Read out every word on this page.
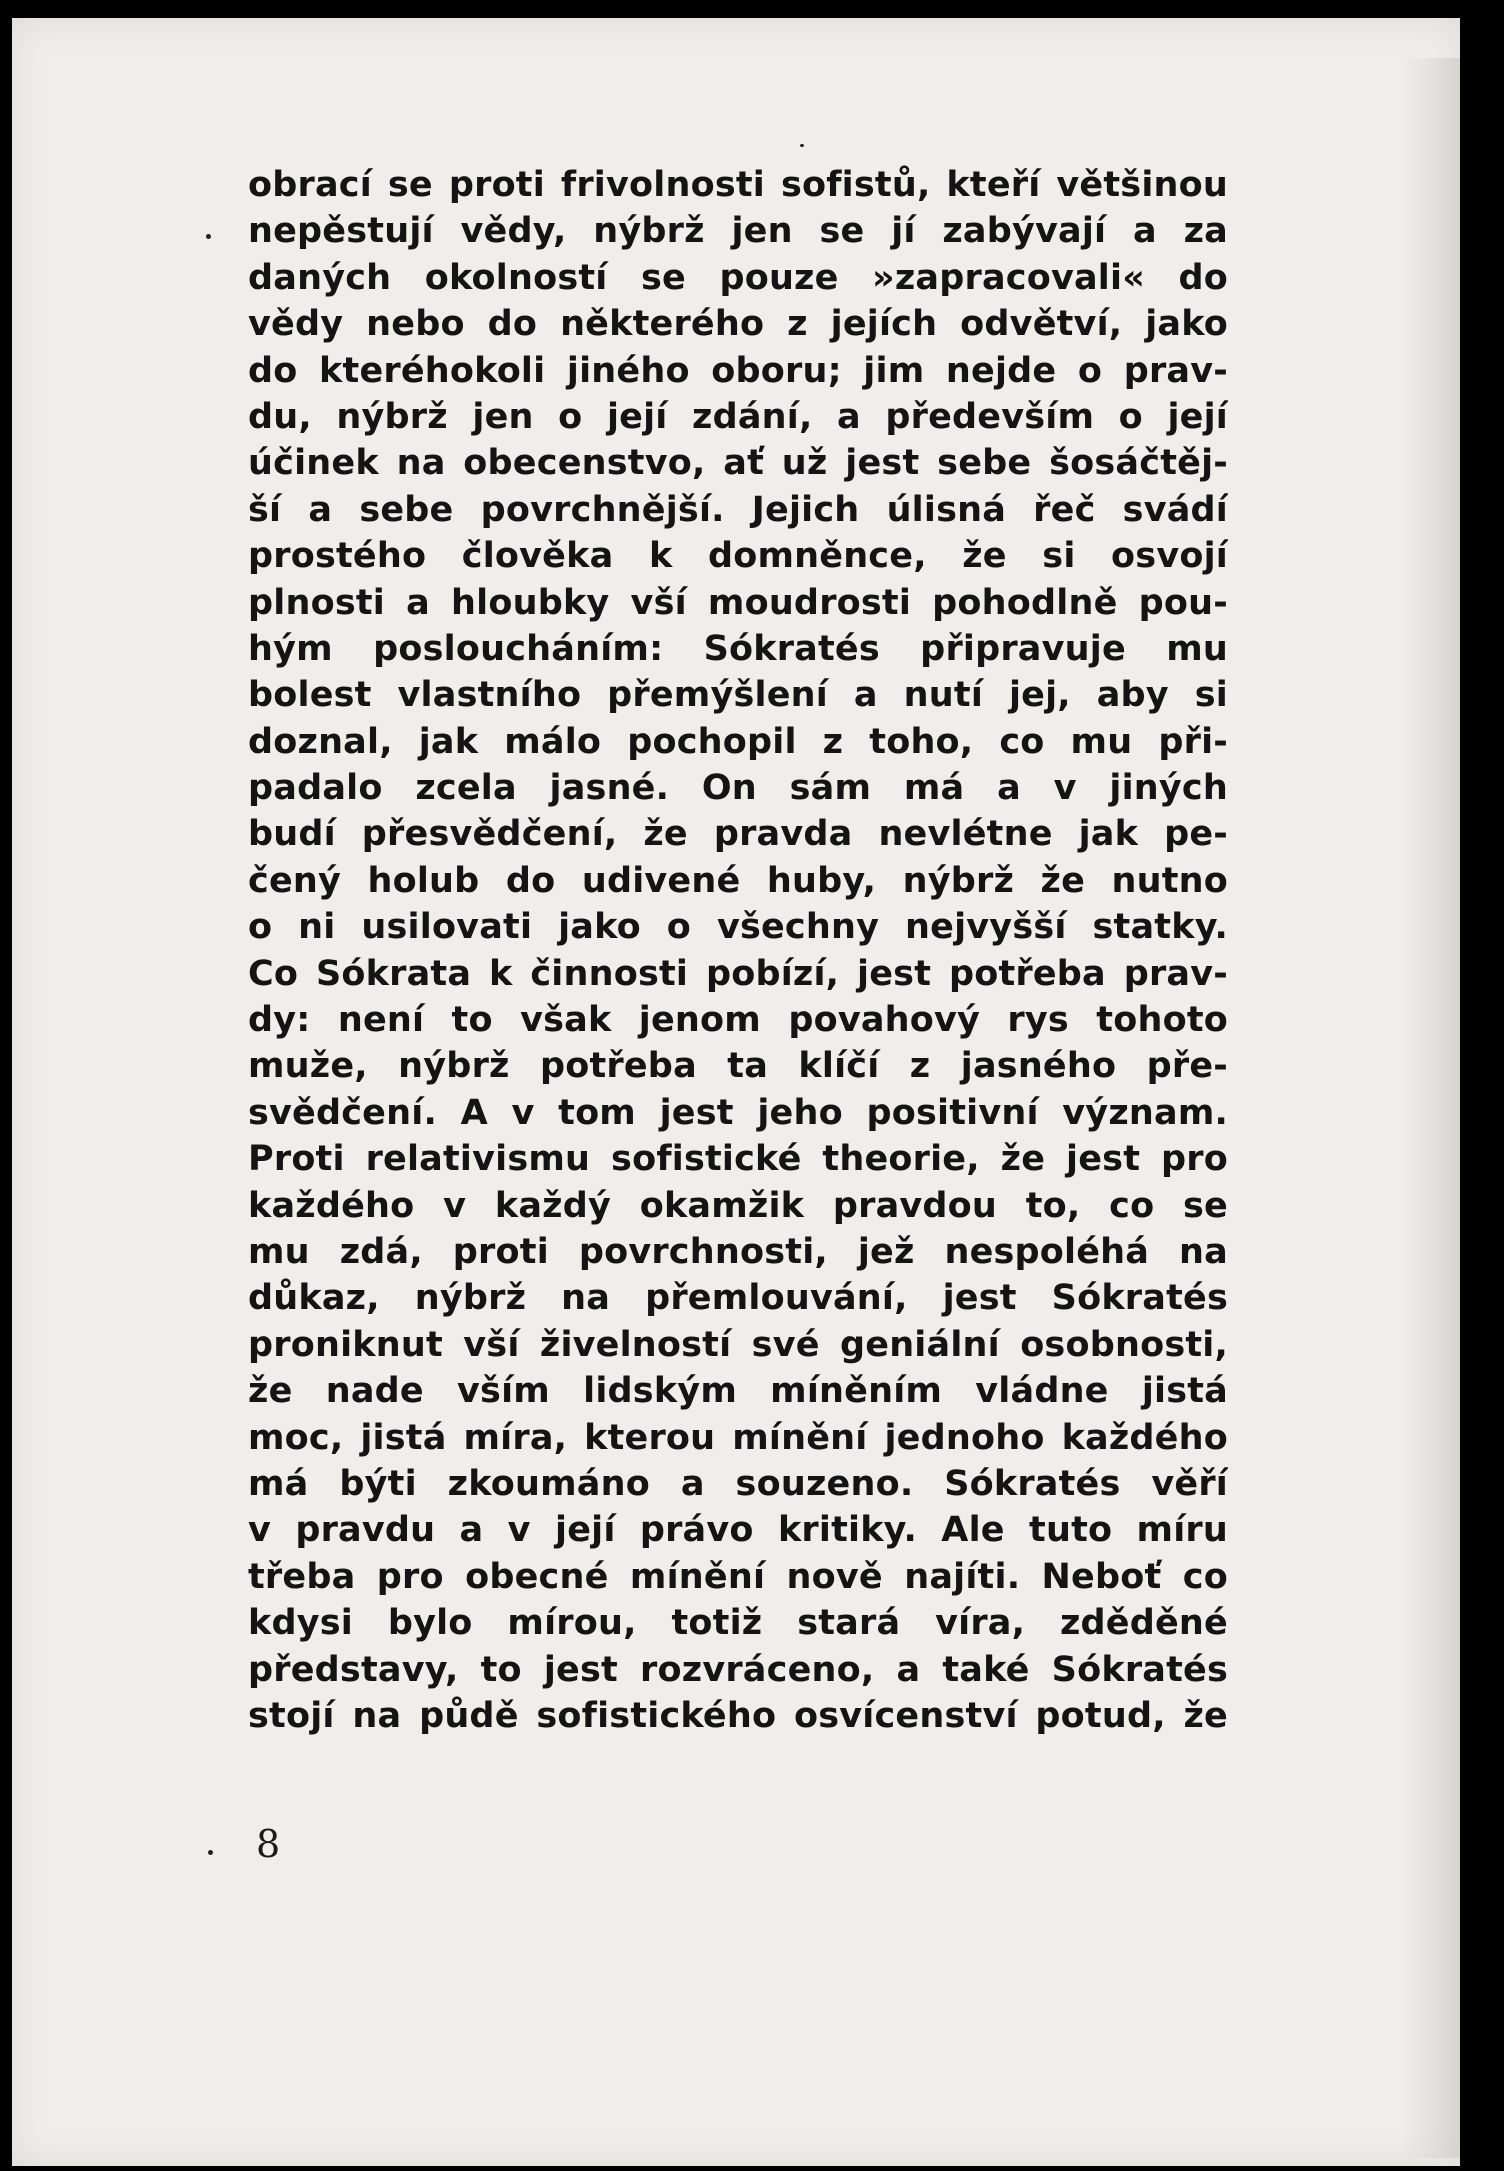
obrací se proti frivolnosti sofistů, kteří většinou
nepěstují vědy, nýbrž jen se jí zabývají a za
daných okolností se pouze »zapracovali« do
vědy nebo do některého z jejích odvětví, jako
do kteréhokoli jiného oboru; jim nejde o prav-
du, nýbrž jen o její zdání, a především o její
účinek na obecenstvo, ať už jest sebe šosáčtěj-
ší a sebe povrchnější. Jejich úlisná řeč svádí
prostého člověka k domněnce, že si osvojí
plnosti a hloubky vší moudrosti pohodlně pou-
hým posloucháním: Sókratés připravuje mu
bolest vlastního přemýšlení a nutí jej, aby si
doznal, jak málo pochopil z toho, co mu při-
padalo zcela jasné. On sám má a v jiných
budí přesvědčení, že pravda nevlétne jak pe-
čený holub do udivené huby, nýbrž že nutno
o ni usilovati jako o všechny nejvyšší statky.
Co Sókrata k činnosti pobízí, jest potřeba prav-
dy: není to však jenom povahový rys tohoto
muže, nýbrž potřeba ta klíčí z jasného pře-
svědčení. A v tom jest jeho positivní význam.
Proti relativismu sofistické theorie, že jest pro
každého v každý okamžik pravdou to, co se
mu zdá, proti povrchnosti, jež nespoléhá na
důkaz, nýbrž na přemlouvání, jest Sókratés
proniknut vší živelností své geniální osobnosti,
že nade vším lidským míněním vládne jistá
moc, jistá míra, kterou mínění jednoho každého
má býti zkoumáno a souzeno. Sókratés věří
v pravdu a v její právo kritiky. Ale tuto míru
třeba pro obecné mínění nově najíti. Neboť co
kdysi bylo mírou, totiž stará víra, zděděné
představy, to jest rozvráceno, a také Sókratés
stojí na půdě sofistického osvícenství potud, že
8
